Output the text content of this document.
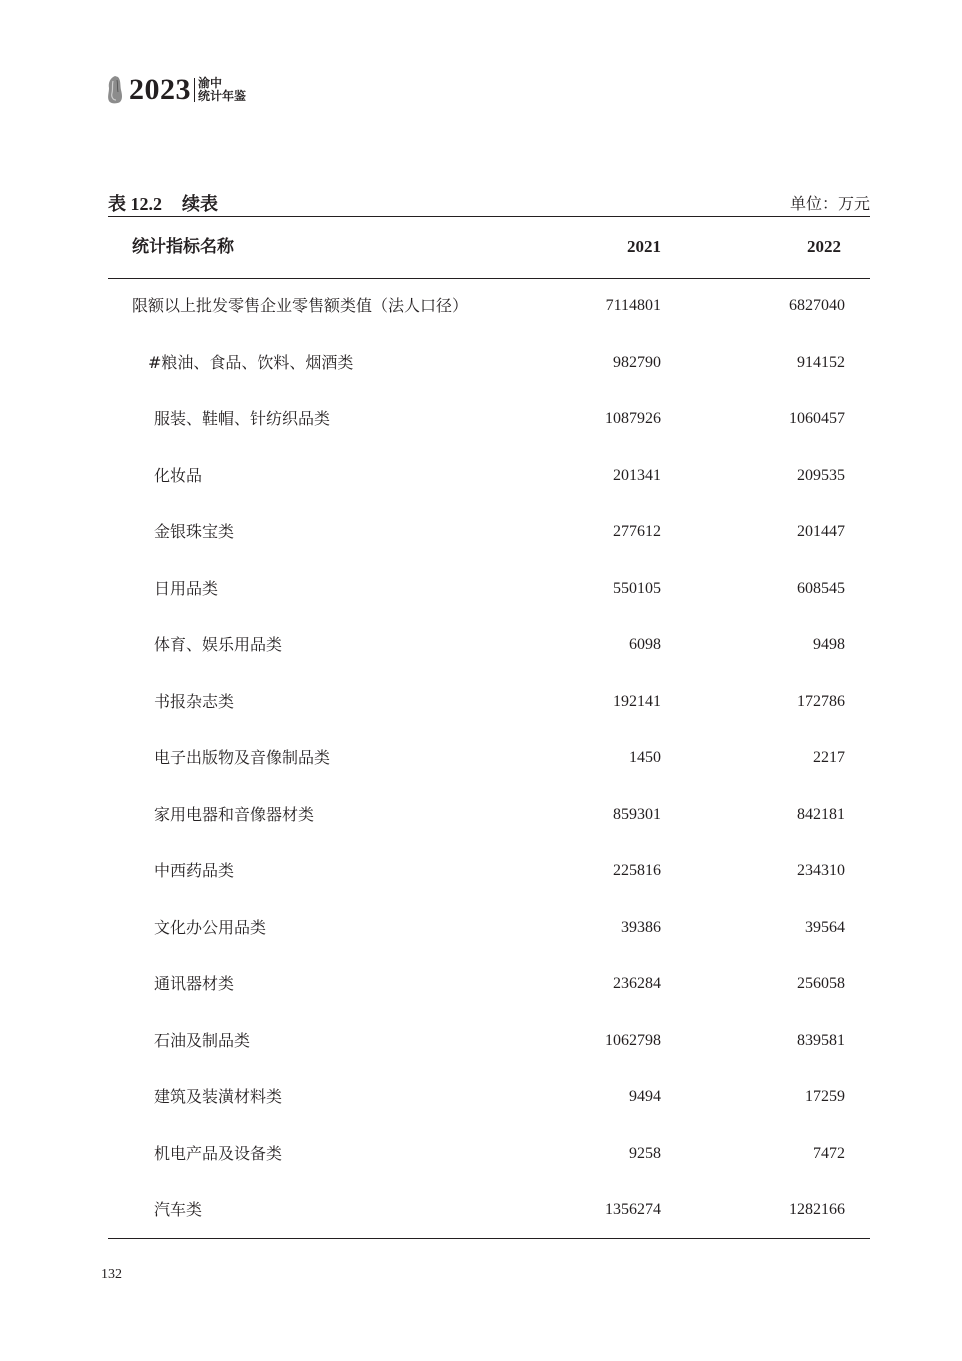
2023 渝中
统计年鉴
表 12.2 续表	单位：万元
统计指标名称	2021	2022
限额以上批发零售企业零售额类值（法人口径）	7114801	6827040
#粮油、食品、饮料、烟酒类	982790	914152
服装、鞋帽、针纺织品类	1087926	1060457
化妆品	201341	209535
金银珠宝类	277612	201447
日用品类	550105	608545
体育、娱乐用品类	6098	9498
书报杂志类	192141	172786
电子出版物及音像制品类	1450	2217
家用电器和音像器材类	859301	842181
中西药品类	225816	234310
文化办公用品类	39386	39564
通讯器材类	236284	256058
石油及制品类	1062798	839581
建筑及装潢材料类	9494	17259
机电产品及设备类	9258	7472
汽车类	1356274	1282166
132
